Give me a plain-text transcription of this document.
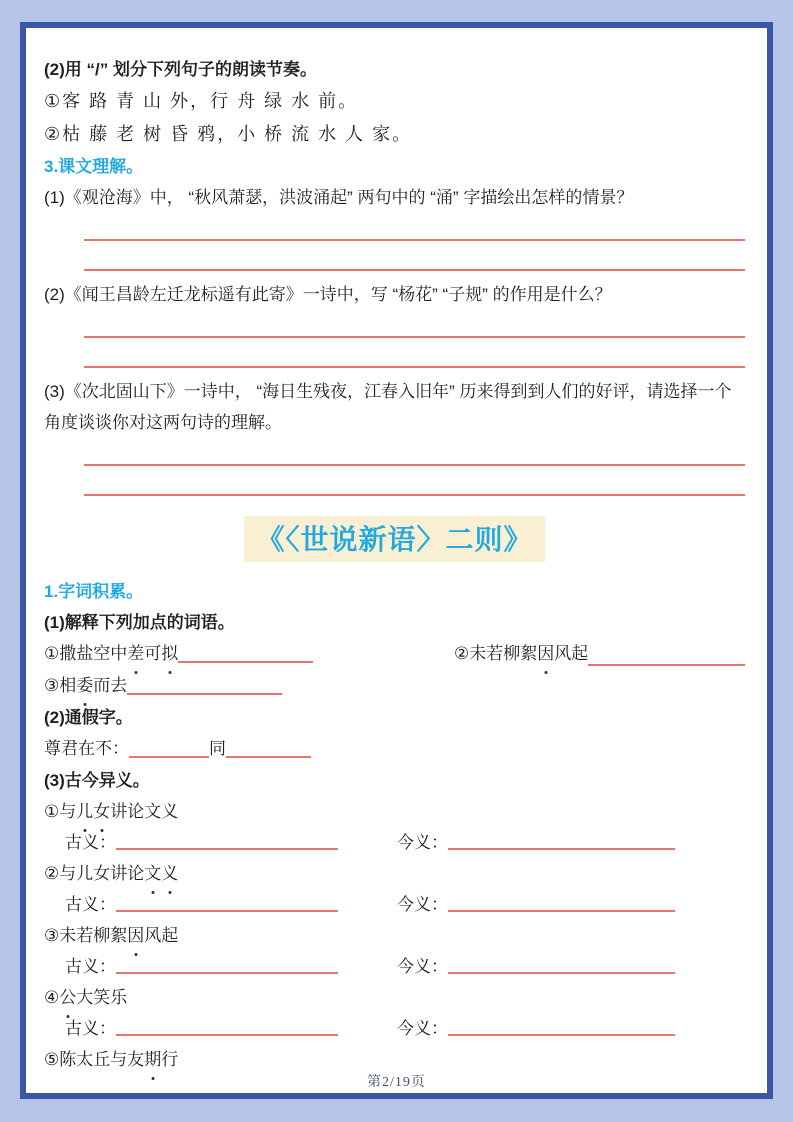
(2)用 “/” 划分下列句子的朗读节奏。
①客 路 青 山 外，行 舟 绿 水 前。
②枯 藤 老 树 昏 鸦，小 桥 流 水 人 家。
3.课文理解。
(1)《观沧海》中， “秋风萧瑟，洪波涌起” 两句中的 “涌” 字描绘出怎样的情景？
(2)《闻王昌龄左迁龙标遥有此寄》一诗中，写 “杨花” “子规” 的作用是什么？
(3)《次北固山下》一诗中， “海日生残夜，江春入旧年” 历来得到到人们的好评，请选择一个角度谈谈你对这两句诗的理解。
《〈世说新语〉二则》
1.字词积累。
(1)解释下列加点的词语。
①撒盐空中差可拟	②未若柳絮因风起
③相委而去
(2)通假字。
尊君在不：	同
(3)古今异义。
①与儿女讲论文义
古义：	今义：
②与儿女讲论文义
古义：	今义：
③未若柳絮因风起
古义：	今义：
④公大笑乐
古义：	今义：
⑤陈太丘与友期行
第2/19页
